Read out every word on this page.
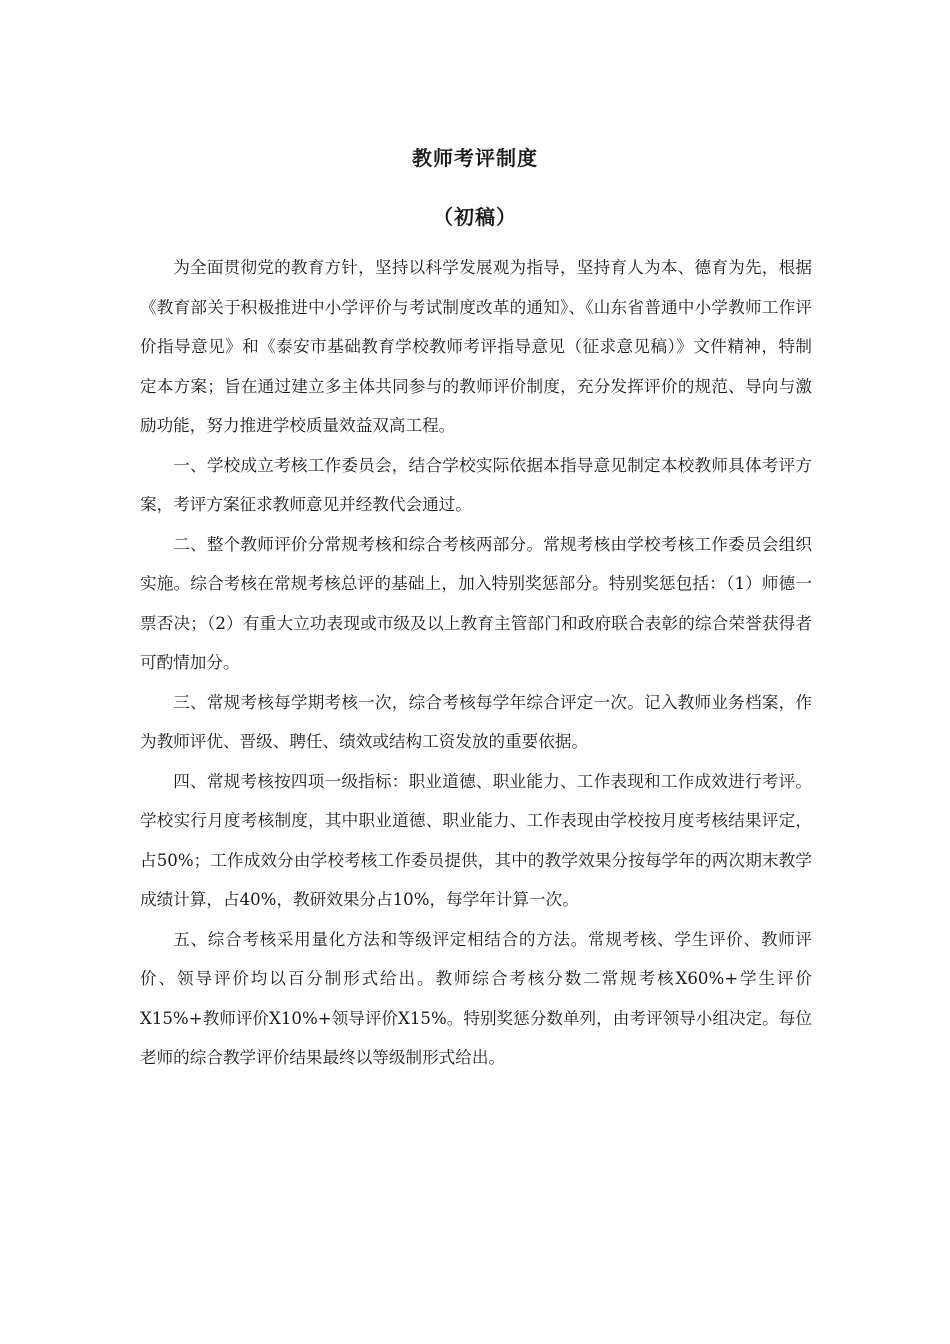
教师考评制度
（初稿）

为全面贯彻党的教育方针，坚持以科学发展观为指导，坚持育人为本、德育为先，根据《教育部关于积极推进中小学评价与考试制度改革的通知》、《山东省普通中小学教师工作评价指导意见》和《泰安市基础教育学校教师考评指导意见（征求意见稿）》文件精神，特制定本方案；旨在通过建立多主体共同参与的教师评价制度，充分发挥评价的规范、导向与激励功能，努力推进学校质量效益双高工程。

一、学校成立考核工作委员会，结合学校实际依据本指导意见制定本校教师具体考评方案，考评方案征求教师意见并经教代会通过。

二、整个教师评价分常规考核和综合考核两部分。常规考核由学校考核工作委员会组织实施。综合考核在常规考核总评的基础上，加入特别奖惩部分。特别奖惩包括：（1）师德一票否决；（2）有重大立功表现或市级及以上教育主管部门和政府联合表彰的综合荣誉获得者可酌情加分。

三、常规考核每学期考核一次，综合考核每学年综合评定一次。记入教师业务档案，作为教师评优、晋级、聘任、绩效或结构工资发放的重要依据。

四、常规考核按四项一级指标：职业道德、职业能力、工作表现和工作成效进行考评。学校实行月度考核制度，其中职业道德、职业能力、工作表现由学校按月度考核结果评定，占50%；工作成效分由学校考核工作委员提供，其中的教学效果分按每学年的两次期末教学成绩计算，占40%，教研效果分占10%，每学年计算一次。

五、综合考核采用量化方法和等级评定相结合的方法。常规考核、学生评价、教师评价、领导评价均以百分制形式给出。教师综合考核分数二常规考核X60%+学生评价X15%+教师评价X10%+领导评价X15%。特别奖惩分数单列，由考评领导小组决定。每位老师的综合教学评价结果最终以等级制形式给出。
